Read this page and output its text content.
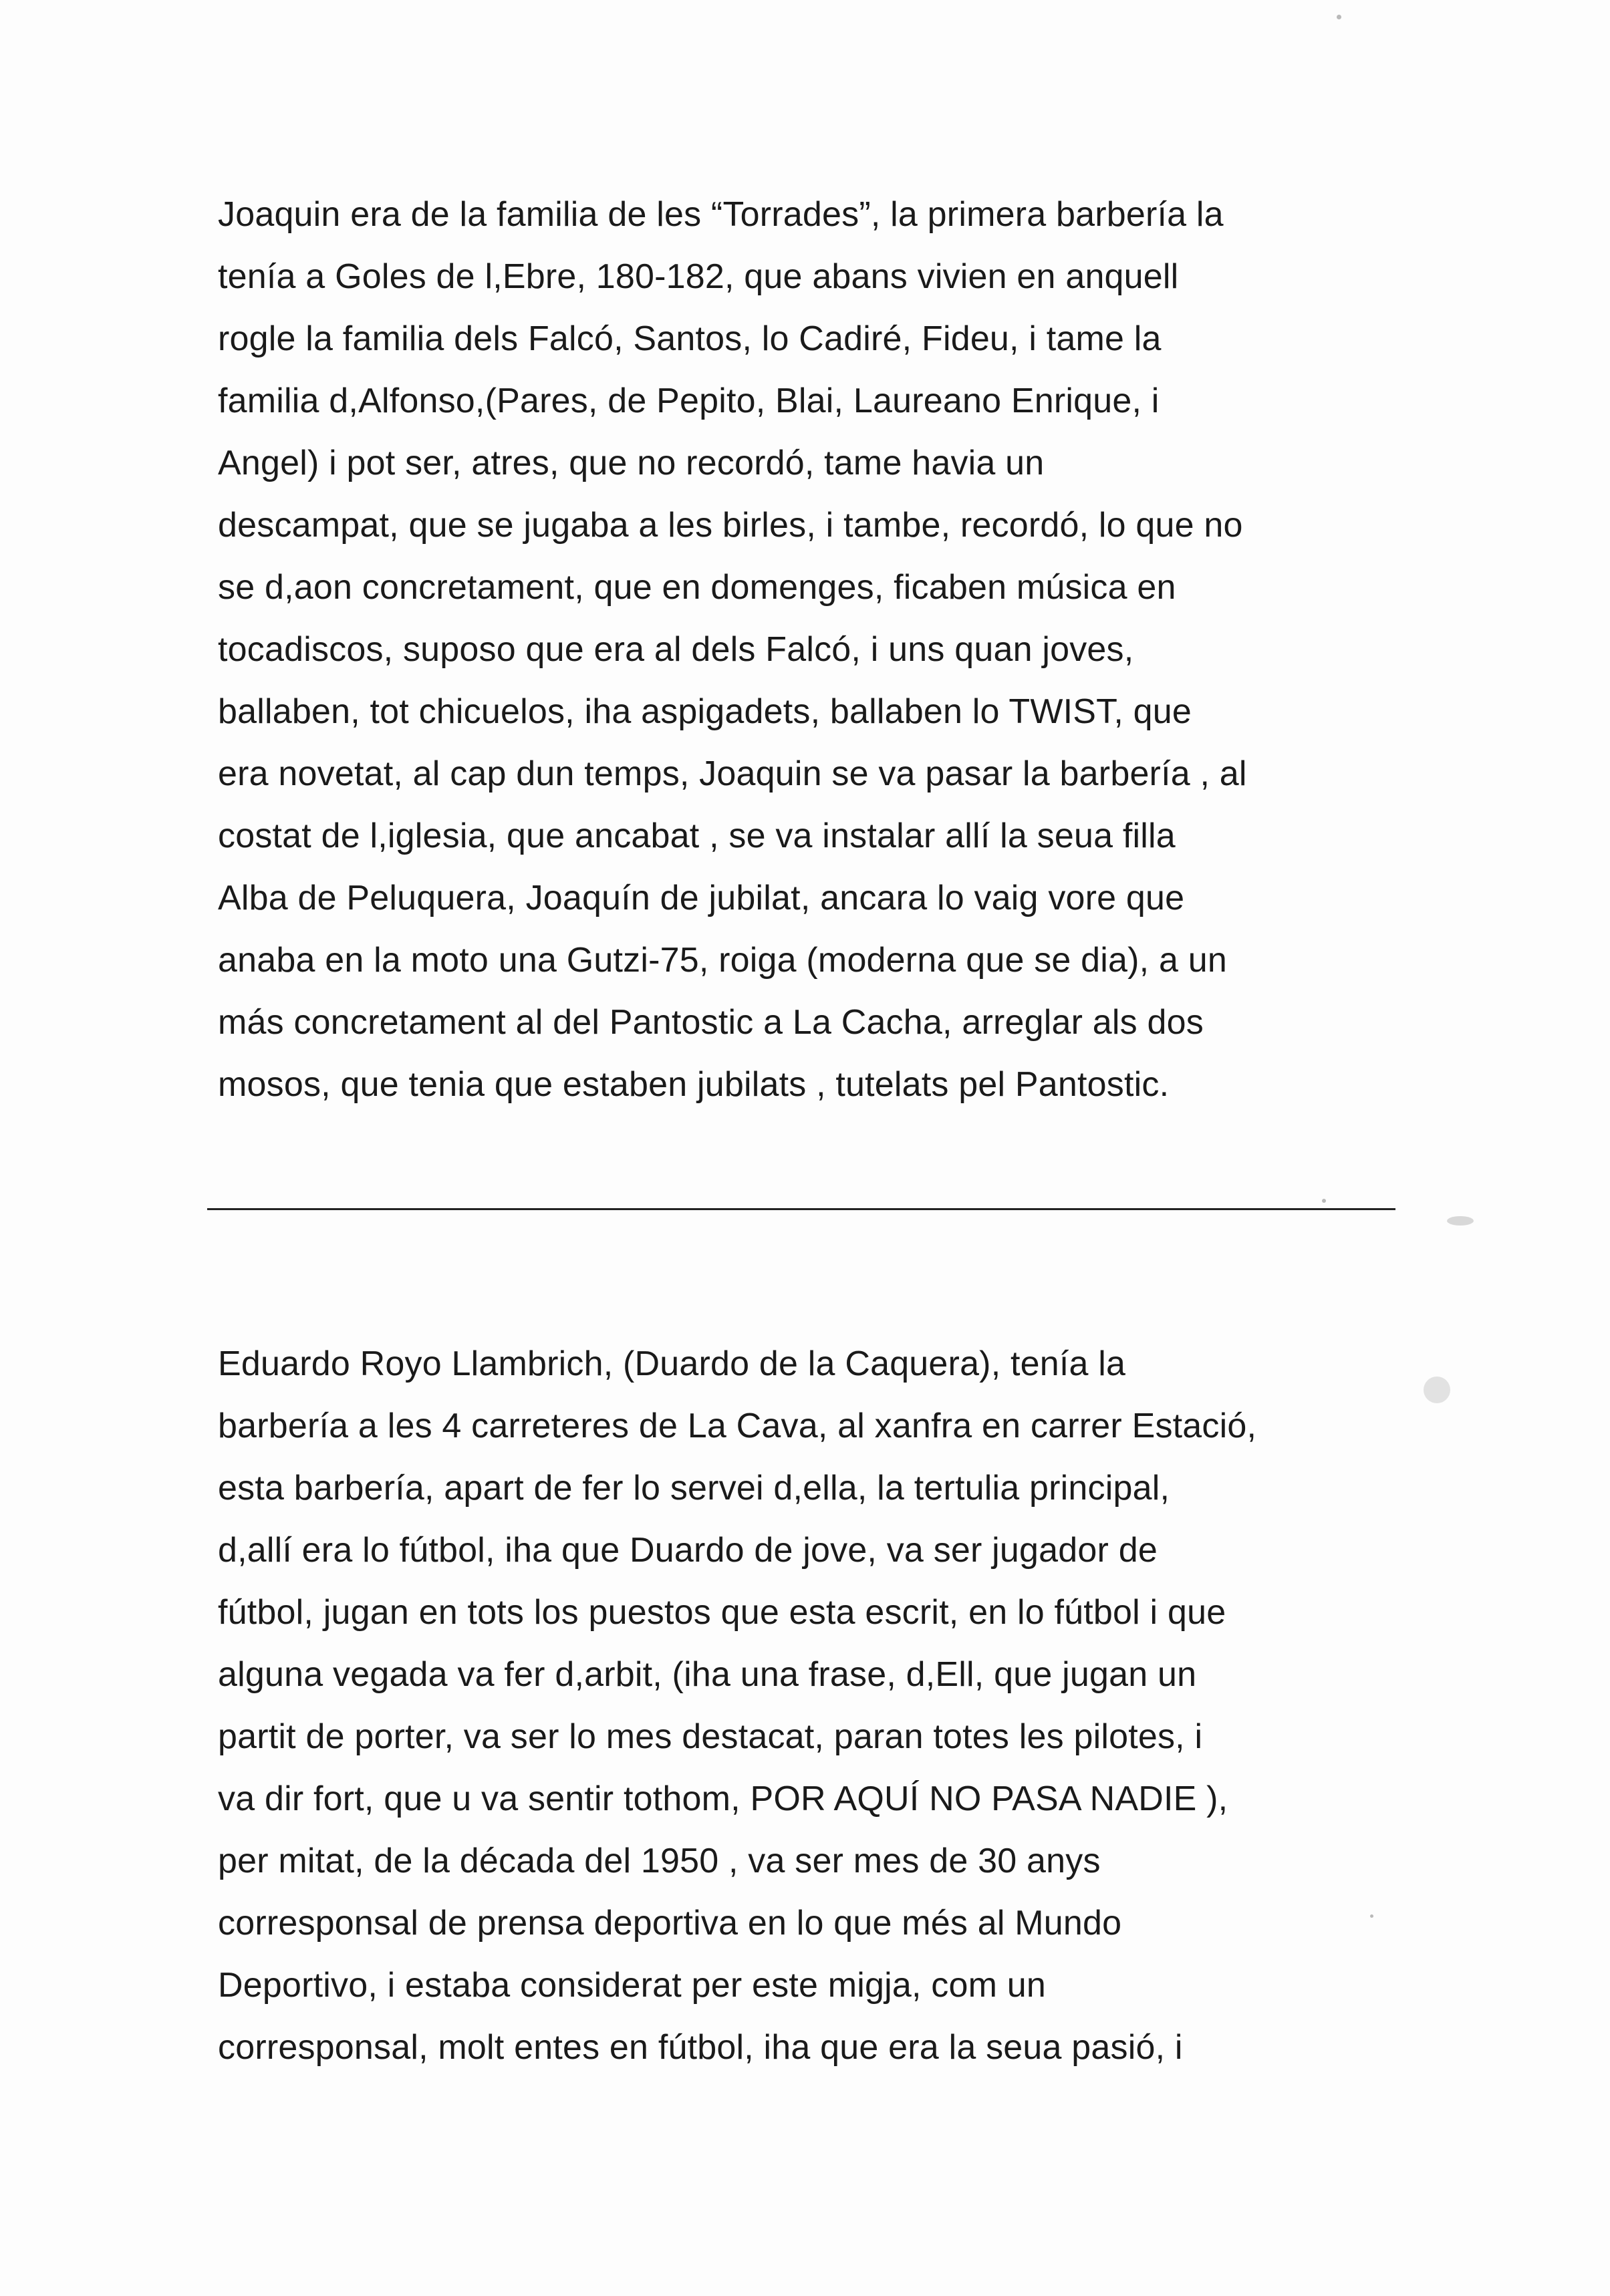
Joaquin era de la familia de les “Torrades”, la primera barbería la
tenía a Goles de l,Ebre, 180-182, que abans vivien en anquell
rogle la familia dels Falcó, Santos, lo Cadiré, Fideu, i tame la
familia d,Alfonso,(Pares, de Pepito, Blai, Laureano Enrique, i
Angel) i pot ser, atres, que no recordó, tame havia un
descampat, que se jugaba a les birles, i tambe, recordó, lo que no
se d,aon concretament, que en domenges, ficaben música en
tocadiscos, suposo que era al dels Falcó, i uns quan joves,
ballaben, tot chicuelos, iha aspigadets, ballaben lo TWIST, que
era novetat, al cap dun temps, Joaquin se va pasar la barbería , al
costat de l,iglesia, que ancabat , se va instalar allí la seua filla
Alba de Peluquera, Joaquín de jubilat, ancara lo vaig vore que
anaba en la moto una Gutzi-75, roiga (moderna que se dia), a un
más concretament al del Pantostic a La Cacha, arreglar als dos
mosos, que tenia que estaben jubilats , tutelats pel Pantostic.
Eduardo Royo Llambrich, (Duardo de la Caquera), tenía la
barbería a les 4 carreteres de La Cava, al xanfra en carrer Estació,
esta barbería, apart de fer lo servei d,ella, la tertulia principal,
d,allí era lo fútbol, iha que Duardo de jove, va ser jugador de
fútbol, jugan en tots los puestos que esta escrit, en lo fútbol i que
alguna vegada va fer d,arbit, (iha una frase, d,Ell, que jugan un
partit de porter, va ser lo mes destacat, paran totes les pilotes, i
va dir fort, que u va sentir tothom, POR AQUÍ NO PASA NADIE ),
per mitat, de la década del 1950 , va ser mes de 30 anys
corresponsal de prensa deportiva en lo que més al Mundo
Deportivo, i estaba considerat per este migja, com un
corresponsal, molt entes en fútbol, iha que era la seua pasió, i
